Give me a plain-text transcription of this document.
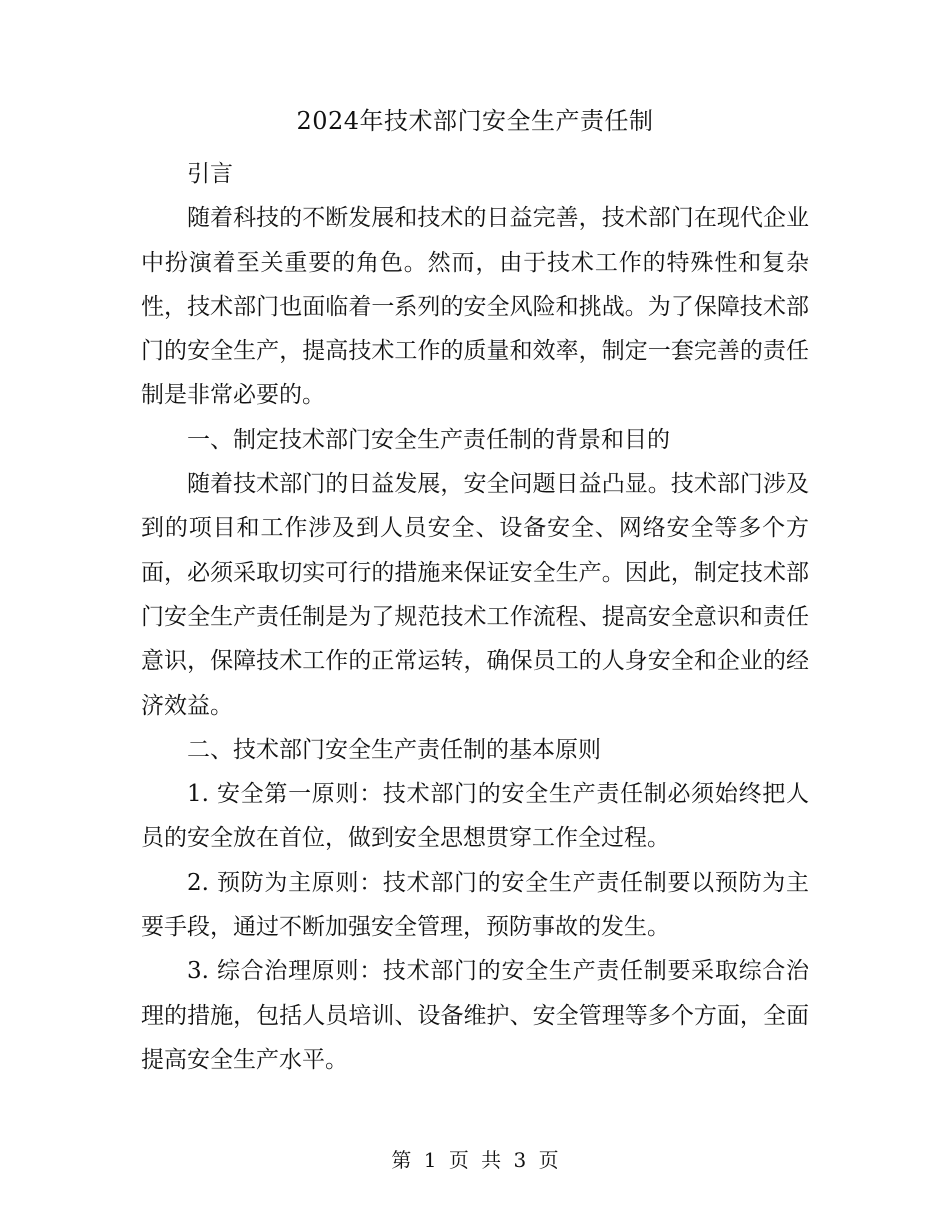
2024年技术部门安全生产责任制

引言

随着科技的不断发展和技术的日益完善，技术部门在现代企业中扮演着至关重要的角色。然而，由于技术工作的特殊性和复杂性，技术部门也面临着一系列的安全风险和挑战。为了保障技术部门的安全生产，提高技术工作的质量和效率，制定一套完善的责任制是非常必要的。

一、制定技术部门安全生产责任制的背景和目的

随着技术部门的日益发展，安全问题日益凸显。技术部门涉及到的项目和工作涉及到人员安全、设备安全、网络安全等多个方面，必须采取切实可行的措施来保证安全生产。因此，制定技术部门安全生产责任制是为了规范技术工作流程、提高安全意识和责任意识，保障技术工作的正常运转，确保员工的人身安全和企业的经济效益。

二、技术部门安全生产责任制的基本原则

1. 安全第一原则：技术部门的安全生产责任制必须始终把人员的安全放在首位，做到安全思想贯穿工作全过程。

2. 预防为主原则：技术部门的安全生产责任制要以预防为主要手段，通过不断加强安全管理，预防事故的发生。

3. 综合治理原则：技术部门的安全生产责任制要采取综合治理的措施，包括人员培训、设备维护、安全管理等多个方面，全面提高安全生产水平。

第 1 页 共 3 页
